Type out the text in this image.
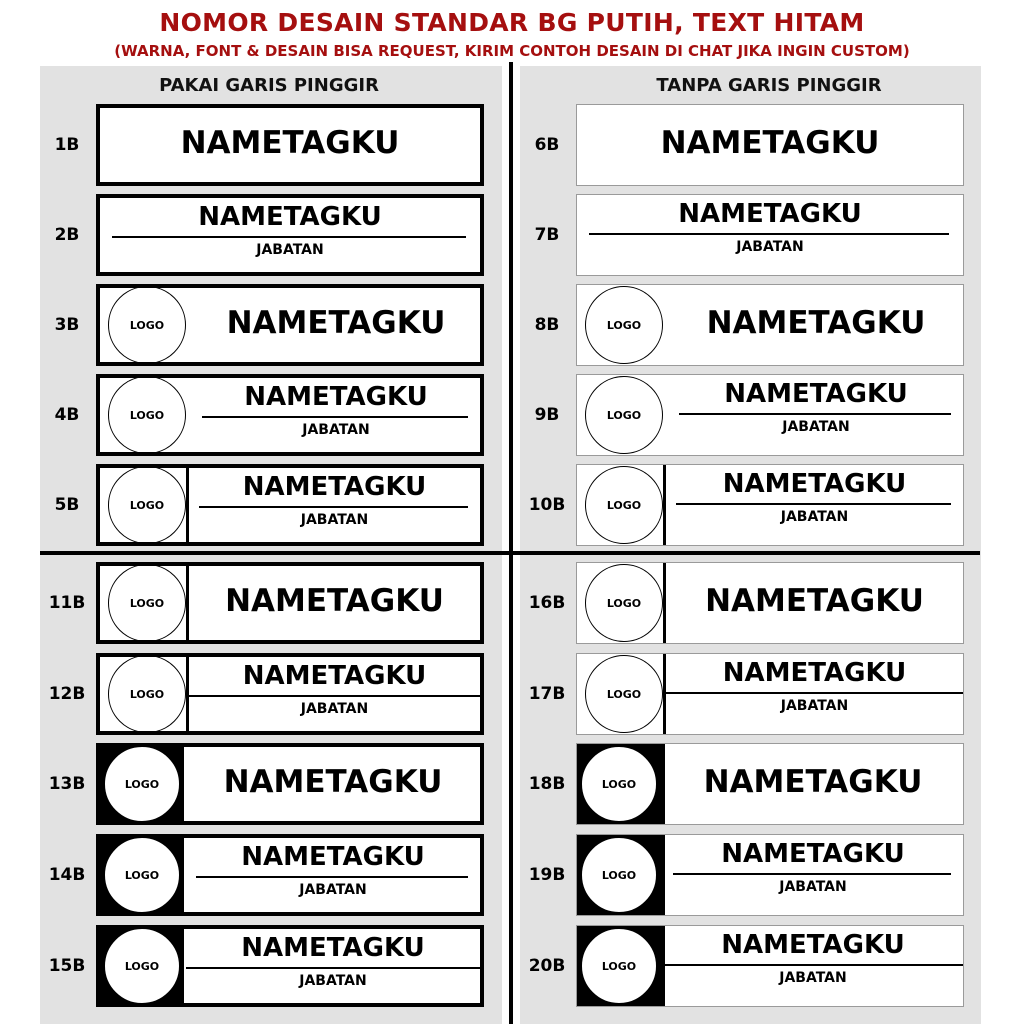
NOMOR DESAIN STANDAR BG PUTIH, TEXT HITAM
(WARNA, FONT & DESAIN BISA REQUEST, KIRIM CONTOH DESAIN DI CHAT JIKA INGIN CUSTOM)
PAKAI GARIS PINGGIR	TANPA GARIS PINGGIR
1B	NAMETAGKU
2B
NAMETAGKU
JABATAN
3B	LOGO	NAMETAGKU
4B	LOGO
NAMETAGKU
JABATAN
5B	LOGO
NAMETAGKU
JABATAN
6B	NAMETAGKU
7B
NAMETAGKU
JABATAN
8B	LOGO	NAMETAGKU
9B	LOGO
NAMETAGKU
JABATAN
10B	LOGO
NAMETAGKU
JABATAN
11B	LOGO	NAMETAGKU
12B	LOGO
NAMETAGKU
JABATAN
13B	LOGO	NAMETAGKU
14B	LOGO
NAMETAGKU
JABATAN
15B	LOGO
NAMETAGKU
JABATAN
16B	LOGO	NAMETAGKU
17B	LOGO
NAMETAGKU
JABATAN
18B	LOGO	NAMETAGKU
19B	LOGO
NAMETAGKU
JABATAN
20B	LOGO
NAMETAGKU
JABATAN
